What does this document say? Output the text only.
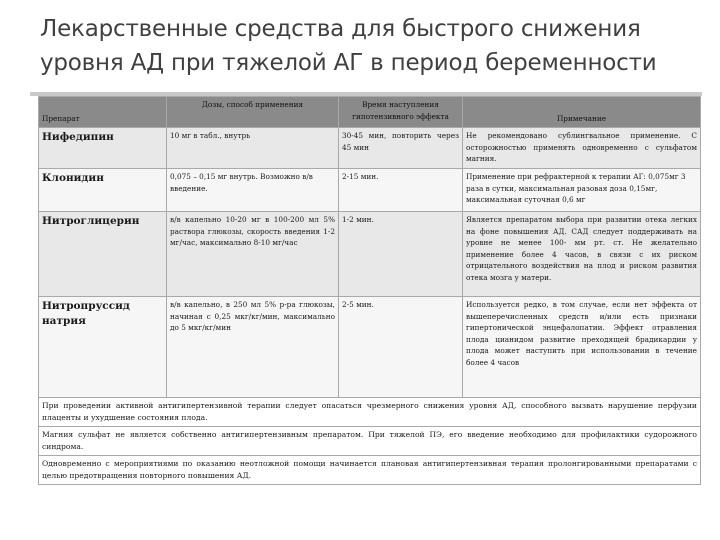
Лекарственные средства для быстрого снижения уровня АД при тяжелой АГ в период беременности
Препарат	Дозы, способ применения	Время наступления гипотензивного эффекта	Примечание
Нифедипин	10 мг в табл., внутрь	30-45 мин, повторить через 45 мин	Не рекомендовано сублингвальное применение. С осторожностью применять одновременно с сульфатом магния.
Клонидин	0,075 – 0,15 мг внутрь. Возможно в/в введение.	2-15 мин.	Применение при рефрактерной к терапии АГ: 0,075мг 3 раза в сутки, максимальная разовая доза 0,15мг, максимальная суточная 0,6 мг
Нитроглицерин	в/в капельно 10-20 мг в 100-200 мл 5% раствора глюкозы, скорость введения 1-2 мг/час, максимально 8-10 мг/час	1-2 мин.	Является препаратом выбора при развитии отека легких на фоне повышения АД. САД следует поддерживать на уровне не менее 100- мм рт. ст. Не желательно применение более 4 часов, в связи с их риском отрицательного воздействия на плод и риском развития отека мозга у матери.
Нитропруссид натрия	в/в капельно, в 250 мл 5% р-ра глюкозы, начиная с 0,25 мкг/кг/мин, максимально до 5 мкг/кг/мин	2-5 мин.	Используется редко, в том случае, если нет эффекта от вышеперечисленных средств и/или есть признаки гипертонической энцефалопатии. Эффект отравления плода цианидом развитие преходящей брадикардии у плода может наступить при использовании в течение более 4 часов
При проведении активной антигипертензивной терапии следует опасаться чрезмерного снижения уровня АД, способного вызвать нарушение перфузии плаценты и ухудшение состояния плода.			
Магния сульфат не является собственно антигипертензивным препаратом. При тяжелой ПЭ, его введение необходимо для профилактики судорожного синдрома.			
Одновременно с мероприятиями по оказанию неотложной помощи начинается плановая антигипертензивная терапия пролонгированными препаратами с целью предотвращения повторного повышения АД.			
